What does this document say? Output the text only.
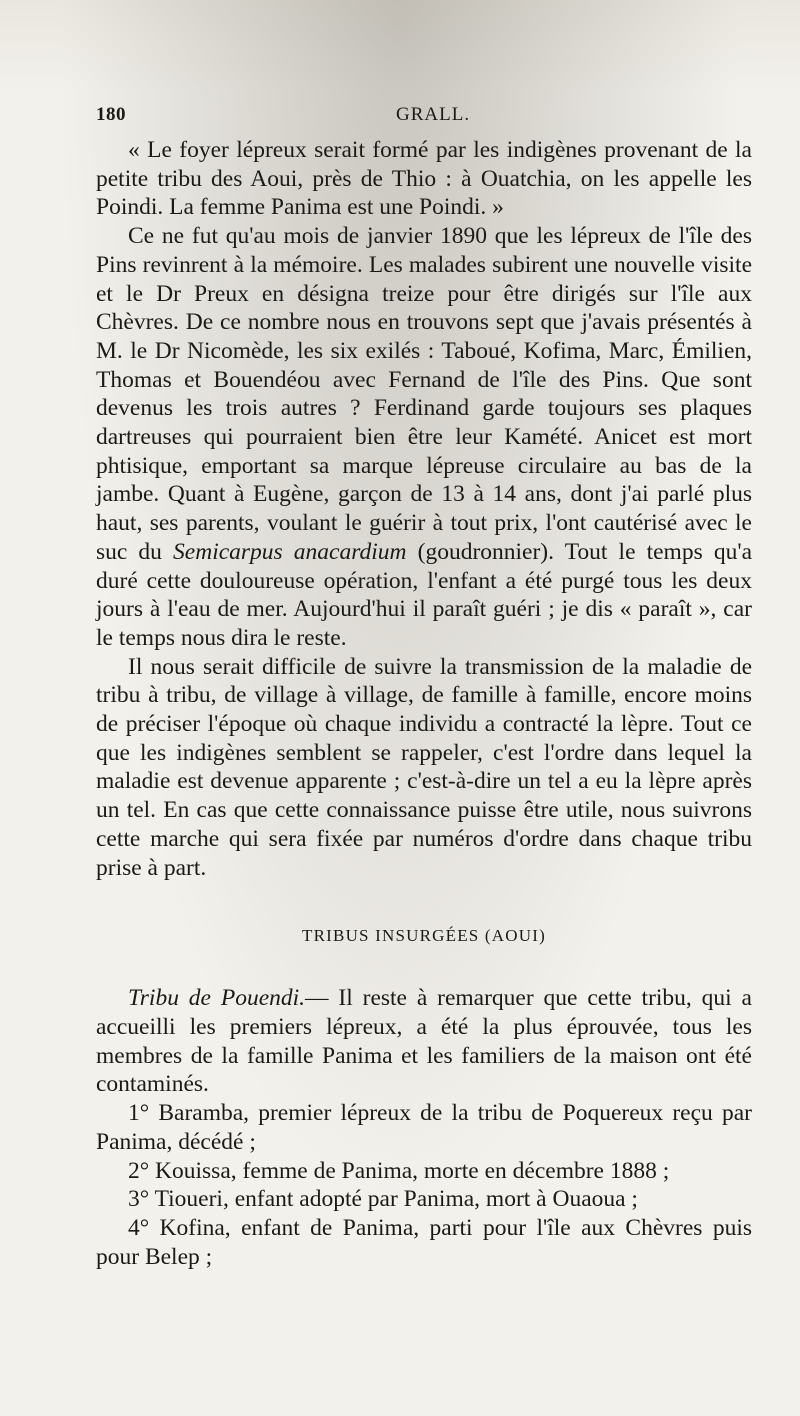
180	GRALL.

« Le foyer lépreux serait formé par les indigènes provenant de la petite tribu des Aoui, près de Thio : à Ouatchia, on les appelle les Poindi. La femme Panima est une Poindi. »

Ce ne fut qu'au mois de janvier 1890 que les lépreux de l'île des Pins revinrent à la mémoire. Les malades subirent une nouvelle visite et le Dr Preux en désigna treize pour être dirigés sur l'île aux Chèvres. De ce nombre nous en trouvons sept que j'avais présentés à M. le Dr Nicomède, les six exilés : Taboué, Kofima, Marc, Émilien, Thomas et Bouendéou avec Fernand de l'île des Pins. Que sont devenus les trois autres ? Ferdinand garde toujours ses plaques dartreuses qui pourraient bien être leur Kamété. Anicet est mort phtisique, emportant sa marque lépreuse circulaire au bas de la jambe. Quant à Eugène, garçon de 13 à 14 ans, dont j'ai parlé plus haut, ses parents, voulant le guérir à tout prix, l'ont cautérisé avec le suc du Semicarpus anacardium (goudronnier). Tout le temps qu'a duré cette douloureuse opération, l'enfant a été purgé tous les deux jours à l'eau de mer. Aujourd'hui il paraît guéri ; je dis « paraît », car le temps nous dira le reste.

Il nous serait difficile de suivre la transmission de la maladie de tribu à tribu, de village à village, de famille à famille, encore moins de préciser l'époque où chaque individu a contracté la lèpre. Tout ce que les indigènes semblent se rappeler, c'est l'ordre dans lequel la maladie est devenue apparente ; c'est-à-dire un tel a eu la lèpre après un tel. En cas que cette connaissance puisse être utile, nous suivrons cette marche qui sera fixée par numéros d'ordre dans chaque tribu prise à part.

TRIBUS INSURGÉES (AOUI)

Tribu de Pouendi.— Il reste à remarquer que cette tribu, qui a accueilli les premiers lépreux, a été la plus éprouvée, tous les membres de la famille Panima et les familiers de la maison ont été contaminés.

1° Baramba, premier lépreux de la tribu de Poquereux reçu par Panima, décédé ;

2° Kouissa, femme de Panima, morte en décembre 1888 ;

3° Tioueri, enfant adopté par Panima, mort à Ouaoua ;

4° Kofina, enfant de Panima, parti pour l'île aux Chèvres puis pour Belep ;
